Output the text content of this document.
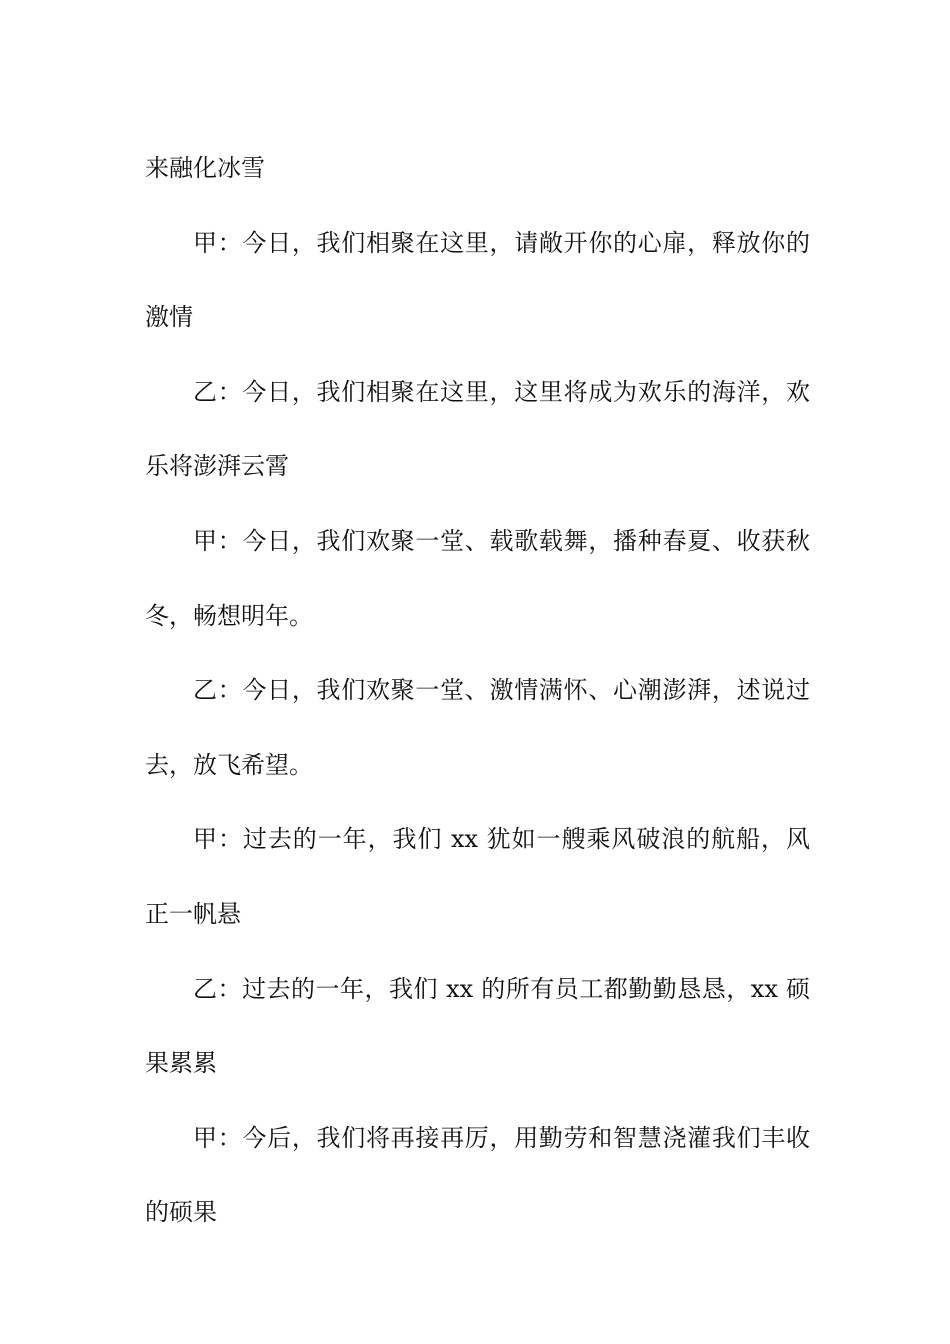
来融化冰雪

甲：今日，我们相聚在这里，请敞开你的心扉，释放你的激情

乙：今日，我们相聚在这里，这里将成为欢乐的海洋，欢乐将澎湃云霄

甲：今日，我们欢聚一堂、载歌载舞，播种春夏、收获秋冬，畅想明年。

乙：今日，我们欢聚一堂、激情满怀、心潮澎湃，述说过去，放飞希望。

甲：过去的一年，我们 xx 犹如一艘乘风破浪的航船，风正一帆悬

乙：过去的一年，我们 xx 的所有员工都勤勤恳恳，xx 硕果累累

甲：今后，我们将再接再厉，用勤劳和智慧浇灌我们丰收的硕果
